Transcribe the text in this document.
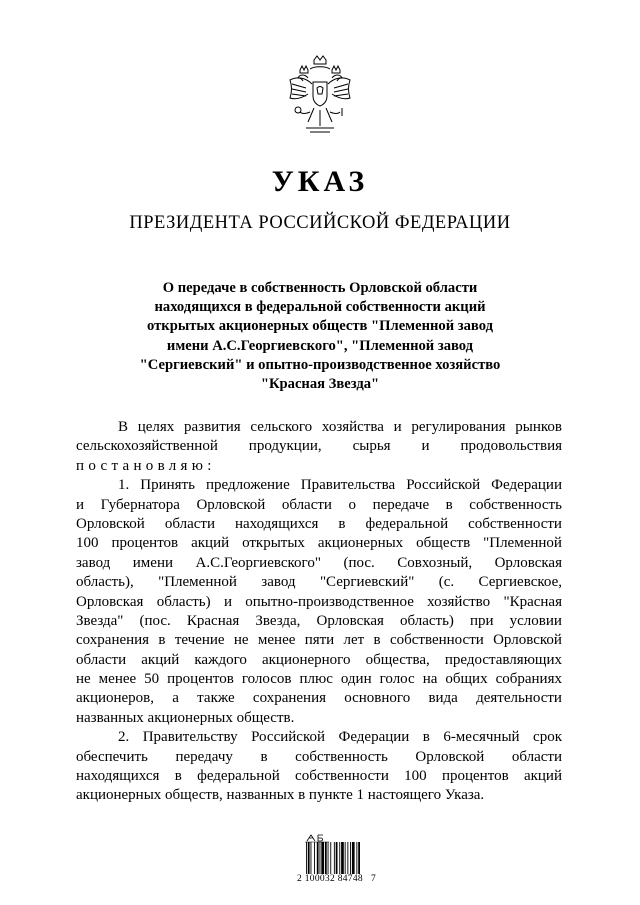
УКАЗ
ПРЕЗИДЕНТА РОССИЙСКОЙ ФЕДЕРАЦИИ
О передаче в собственность Орловской области
находящихся в федеральной собственности акций
открытых акционерных обществ "Племенной завод
имени А.С.Георгиевского", "Племенной завод
"Сергиевский" и опытно-производственное хозяйство
"Красная Звезда"
В целях развития сельского хозяйства и регулирования рынков
сельскохозяйственной продукции, сырья и продовольствия
постановляю:
1. Принять предложение Правительства Российской Федерации
и Губернатора Орловской области о передаче в собственность
Орловской области находящихся в федеральной собственности
100 процентов акций открытых акционерных обществ "Племенной
завод имени А.С.Георгиевского" (пос. Совхозный, Орловская
область), "Племенной завод "Сергиевский" (с. Сергиевское,
Орловская область) и опытно-производственное хозяйство "Красная
Звезда" (пос. Красная Звезда, Орловская область) при условии
сохранения в течение не менее пяти лет в собственности Орловской
области акций каждого акционерного общества, предоставляющих
не менее 50 процентов голосов плюс один голос на общих собраниях
акционеров, а также сохранения основного вида деятельности
названных акционерных обществ.
2. Правительству Российской Федерации в 6-месячный срок
обеспечить передачу в собственность Орловской области
находящихся в федеральной собственности 100 процентов акций
акционерных обществ, названных в пункте 1 настоящего Указа.
2 100032 84748   7
